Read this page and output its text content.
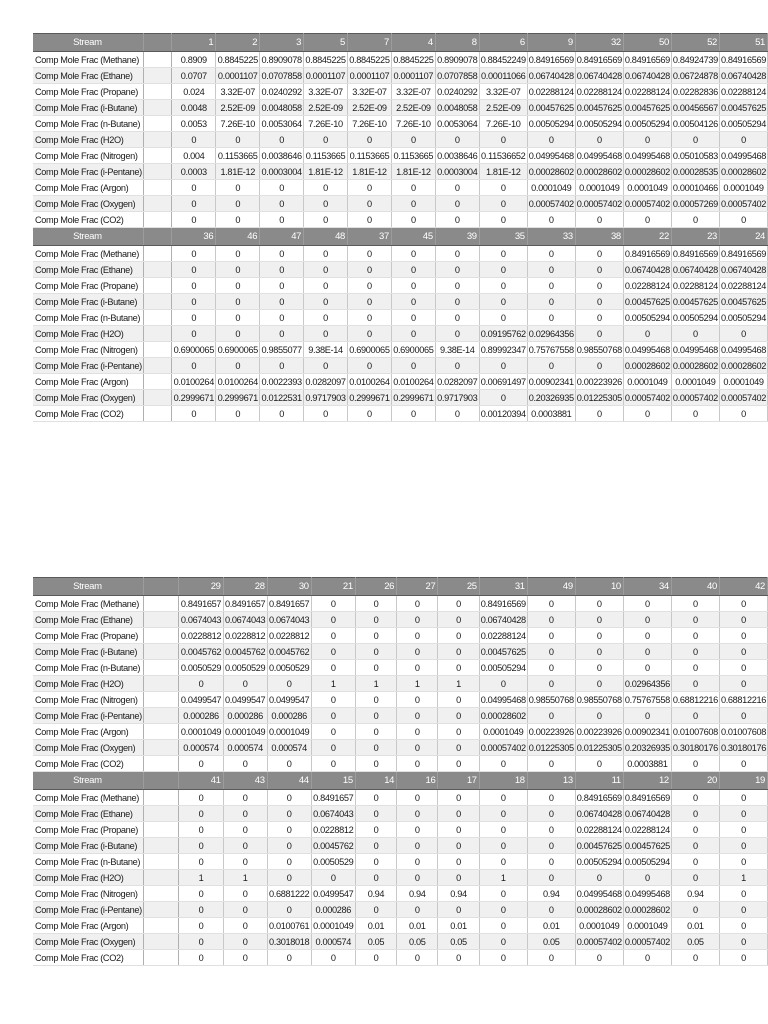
Stream		1	2	3	5	7	4	8	6	9	32	50	52	51
Comp Mole Frac (Methane)		0.8909	0.8845225	0.8909078	0.8845225	0.8845225	0.8845225	0.8909078	0.88452249	0.84916569	0.84916569	0.84916569	0.84924739	0.84916569
Comp Mole Frac (Ethane)		0.0707	0.0001107	0.0707858	0.0001107	0.0001107	0.0001107	0.0707858	0.00011066	0.06740428	0.06740428	0.06740428	0.06724878	0.06740428
Comp Mole Frac (Propane)		0.024	3.32E-07	0.0240292	3.32E-07	3.32E-07	3.32E-07	0.0240292	3.32E-07	0.02288124	0.02288124	0.02288124	0.02282836	0.02288124
Comp Mole Frac (i-Butane)		0.0048	2.52E-09	0.0048058	2.52E-09	2.52E-09	2.52E-09	0.0048058	2.52E-09	0.00457625	0.00457625	0.00457625	0.00456567	0.00457625
Comp Mole Frac (n-Butane)		0.0053	7.26E-10	0.0053064	7.26E-10	7.26E-10	7.26E-10	0.0053064	7.26E-10	0.00505294	0.00505294	0.00505294	0.00504126	0.00505294
Comp Mole Frac (H2O)		0	0	0	0	0	0	0	0	0	0	0	0	0
Comp Mole Frac (Nitrogen)		0.004	0.1153665	0.0038646	0.1153665	0.1153665	0.1153665	0.0038646	0.11536652	0.04995468	0.04995468	0.04995468	0.05010583	0.04995468
Comp Mole Frac (i-Pentane)		0.0003	1.81E-12	0.0003004	1.81E-12	1.81E-12	1.81E-12	0.0003004	1.81E-12	0.00028602	0.00028602	0.00028602	0.00028535	0.00028602
Comp Mole Frac (Argon)		0	0	0	0	0	0	0	0	0.0001049	0.0001049	0.0001049	0.00010466	0.0001049
Comp Mole Frac (Oxygen)		0	0	0	0	0	0	0	0	0.00057402	0.00057402	0.00057402	0.00057269	0.00057402
Comp Mole Frac (CO2)		0	0	0	0	0	0	0	0	0	0	0	0	0
Stream		36	46	47	48	37	45	39	35	33	38	22	23	24
Comp Mole Frac (Methane)		0	0	0	0	0	0	0	0	0	0	0.84916569	0.84916569	0.84916569
Comp Mole Frac (Ethane)		0	0	0	0	0	0	0	0	0	0	0.06740428	0.06740428	0.06740428
Comp Mole Frac (Propane)		0	0	0	0	0	0	0	0	0	0	0.02288124	0.02288124	0.02288124
Comp Mole Frac (i-Butane)		0	0	0	0	0	0	0	0	0	0	0.00457625	0.00457625	0.00457625
Comp Mole Frac (n-Butane)		0	0	0	0	0	0	0	0	0	0	0.00505294	0.00505294	0.00505294
Comp Mole Frac (H2O)		0	0	0	0	0	0	0	0.09195762	0.02964356	0	0	0	0
Comp Mole Frac (Nitrogen)		0.6900065	0.6900065	0.9855077	9.38E-14	0.6900065	0.6900065	9.38E-14	0.89992347	0.75767558	0.98550768	0.04995468	0.04995468	0.04995468
Comp Mole Frac (i-Pentane)		0	0	0	0	0	0	0	0	0	0	0.00028602	0.00028602	0.00028602
Comp Mole Frac (Argon)		0.0100264	0.0100264	0.0022393	0.0282097	0.0100264	0.0100264	0.0282097	0.00691497	0.00902341	0.00223926	0.0001049	0.0001049	0.0001049
Comp Mole Frac (Oxygen)		0.2999671	0.2999671	0.0122531	0.9717903	0.2999671	0.2999671	0.9717903	0	0.20326935	0.01225305	0.00057402	0.00057402	0.00057402
Comp Mole Frac (CO2)		0	0	0	0	0	0	0	0.00120394	0.0003881	0	0	0	0
Stream		29	28	30	21	26	27	25	31	49	10	34	40	42
Comp Mole Frac (Methane)		0.8491657	0.8491657	0.8491657	0	0	0	0	0.84916569	0	0	0	0	0
Comp Mole Frac (Ethane)		0.0674043	0.0674043	0.0674043	0	0	0	0	0.06740428	0	0	0	0	0
Comp Mole Frac (Propane)		0.0228812	0.0228812	0.0228812	0	0	0	0	0.02288124	0	0	0	0	0
Comp Mole Frac (i-Butane)		0.0045762	0.0045762	0.0045762	0	0	0	0	0.00457625	0	0	0	0	0
Comp Mole Frac (n-Butane)		0.0050529	0.0050529	0.0050529	0	0	0	0	0.00505294	0	0	0	0	0
Comp Mole Frac (H2O)		0	0	0	1	1	1	1	0	0	0	0.02964356	0	0
Comp Mole Frac (Nitrogen)		0.0499547	0.0499547	0.0499547	0	0	0	0	0.04995468	0.98550768	0.98550768	0.75767558	0.68812216	0.68812216
Comp Mole Frac (i-Pentane)		0.000286	0.000286	0.000286	0	0	0	0	0.00028602	0	0	0	0	0
Comp Mole Frac (Argon)		0.0001049	0.0001049	0.0001049	0	0	0	0	0.0001049	0.00223926	0.00223926	0.00902341	0.01007608	0.01007608
Comp Mole Frac (Oxygen)		0.000574	0.000574	0.000574	0	0	0	0	0.00057402	0.01225305	0.01225305	0.20326935	0.30180176	0.30180176
Comp Mole Frac (CO2)		0	0	0	0	0	0	0	0	0	0	0.0003881	0	0
Stream		41	43	44	15	14	16	17	18	13	11	12	20	19
Comp Mole Frac (Methane)		0	0	0	0.8491657	0	0	0	0	0	0.84916569	0.84916569	0	0
Comp Mole Frac (Ethane)		0	0	0	0.0674043	0	0	0	0	0	0.06740428	0.06740428	0	0
Comp Mole Frac (Propane)		0	0	0	0.0228812	0	0	0	0	0	0.02288124	0.02288124	0	0
Comp Mole Frac (i-Butane)		0	0	0	0.0045762	0	0	0	0	0	0.00457625	0.00457625	0	0
Comp Mole Frac (n-Butane)		0	0	0	0.0050529	0	0	0	0	0	0.00505294	0.00505294	0	0
Comp Mole Frac (H2O)		1	1	0	0	0	0	0	1	0	0	0	0	1
Comp Mole Frac (Nitrogen)		0	0	0.6881222	0.0499547	0.94	0.94	0.94	0	0.94	0.04995468	0.04995468	0.94	0
Comp Mole Frac (i-Pentane)		0	0	0	0.000286	0	0	0	0	0	0.00028602	0.00028602	0	0
Comp Mole Frac (Argon)		0	0	0.0100761	0.0001049	0.01	0.01	0.01	0	0.01	0.0001049	0.0001049	0.01	0
Comp Mole Frac (Oxygen)		0	0	0.3018018	0.000574	0.05	0.05	0.05	0	0.05	0.00057402	0.00057402	0.05	0
Comp Mole Frac (CO2)		0	0	0	0	0	0	0	0	0	0	0	0	0
